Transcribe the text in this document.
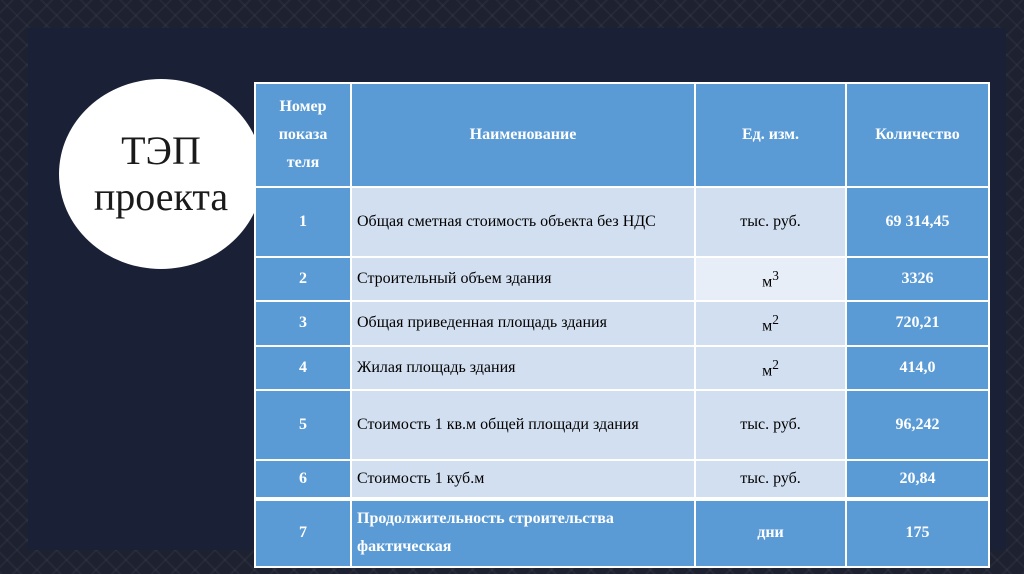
ТЭП
проекта
Номер
показа
теля	Наименование	Ед. изм.	Количество
1	Общая сметная стоимость объекта без НДС	тыс. руб.	69 314,45
2	Строительный объем здания	$м^3$	3326
3	Общая приведенная площадь здания	$м^2$	720,21
4	Жилая площадь здания	$м^2$	414,0
5	Стоимость 1 кв.м общей площади здания	тыс. руб.	96,242
6	Стоимость 1 куб.м	тыс. руб.	20,84
7	Продолжительность строительства фактическая	дни	175
